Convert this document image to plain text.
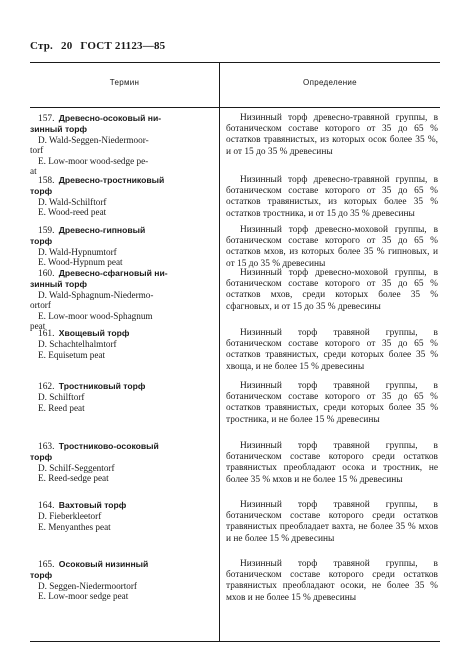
Стр. 20 ГОСТ 21123—85
Термин	Определение
157. Древесно-осоковый ни-
зинный торф
D. Wald-Seggen-Niedermoor-
torf
E. Low-moor wood-sedge pe-
at
Низинный торф древесно-травяной группы, в ботаническом составе которого от 35 до 65 % остатков травянистых, из которых осок более 35 %, и от 15 до 35 % древесины
158. Древесно-тростниковый
торф
D. Wald-Schilftorf
E. Wood-reed peat
Низинный торф древесно-травяной группы, в ботаническом составе которого от 35 до 65 % остатков травянистых, из которых более 35 % остатков тростника, и от 15 до 35 % древесины
159. Древесно-гипновый
торф
D. Wald-Hypnumtorf
E. Wood-Hypnum peat
Низинный торф древесно-моховой группы, в ботаническом составе которого от 35 до 65 % остатков мхов, из которых более 35 % гипновых, и от 15 до 35 % древесины
160. Древесно-сфагновый ни-
зинный торф
D. Wald-Sphagnum-Niedermo-
ortorf
E. Low-moor wood-Sphagnum
peat
Низинный торф древесно-моховой группы, в ботаническом составе которого от 35 до 65 % остатков мхов, среди которых более 35 % сфагновых, и от 15 до 35 % древесины
161. Хвощевый торф
D. Schachtelhalmtorf
E. Equisetum peat
Низинный торф травяной группы, в ботаническом составе которого от 35 до 65 % остатков травянистых, среди которых более 35 % хвоща, и не более 15 % древесины
162. Тростниковый торф
D. Schilftorf
E. Reed peat
Низинный торф травяной группы, в ботаническом составе которого от 35 до 65 % остатков травянистых, среди которых более 35 % тростника, и не более 15 % древесины
163. Тростниково-осоковый
торф
D. Schilf-Seggentorf
E. Reed-sedge peat
Низинный торф травяной группы, в ботаническом составе которого среди остатков травянистых преобладают осока и тростник, не более 35 % мхов и не более 15 % древесины
164. Вахтовый торф
D. Fieberkleetorf
E. Menyanthes peat
Низинный торф травяной группы, в ботаническом составе которого среди остатков травянистых преобладает вахта, не более 35 % мхов и не более 15 % древесины
165. Осоковый низинный
торф
D. Seggen-Niedermoortorf
E. Low-moor sedge peat
Низинный торф травяной группы, в ботаническом составе которого среди остатков травянистых преобладают осоки, не более 35 % мхов и не более 15 % древесины
